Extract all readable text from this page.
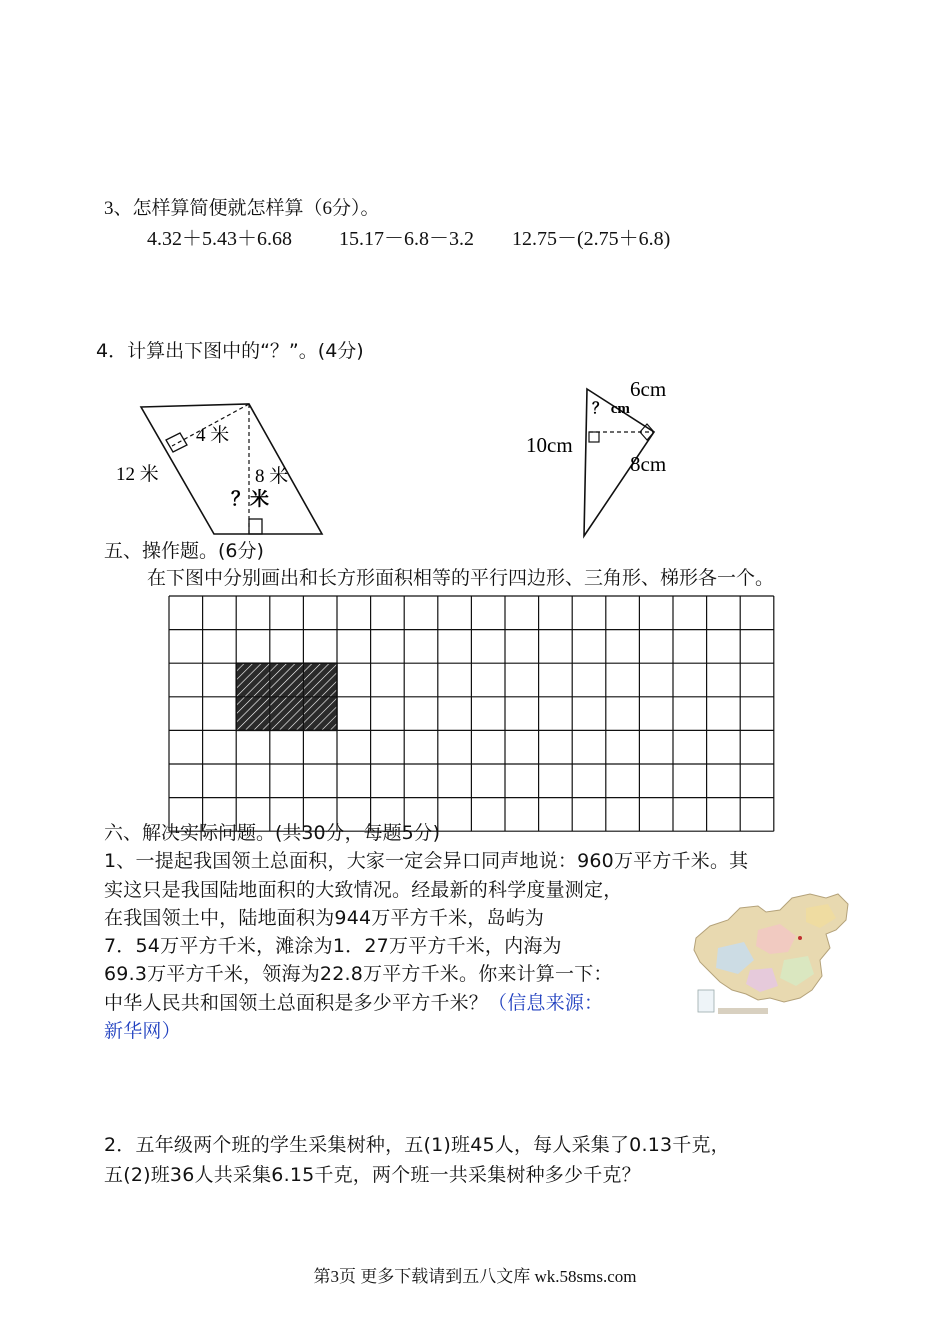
3、怎样算简便就怎样算（6分）。
4.32＋5.43＋6.68 15.17－6.8－3.2 12.75－(2.75＋6.8)
4．计算出下图中的“？”。(4分)
12 米
4 米
8 米
？米
6cm
？ cm
10cm
8cm
五、操作题。(6分)
在下图中分别画出和长方形面积相等的平行四边形、三角形、梯形各一个。
六、解决实际问题。(共30分，每题5分)
1、一提起我国领土总面积，大家一定会异口同声地说：960万平方千米。其
实这只是我国陆地面积的大致情况。经最新的科学度量测定，
在我国领土中，陆地面积为944万平方千米，岛屿为
7．54万平方千米，滩涂为1．27万平方千米，内海为
69.3万平方千米，领海为22.8万平方千米。你来计算一下：
中华人民共和国领土总面积是多少平方千米？（信息来源：
新华网）
2．五年级两个班的学生采集树种，五(1)班45人，每人采集了0.13千克，
五(2)班36人共采集6.15千克，两个班一共采集树种多少千克？
第3页 更多下载请到五八文库 wk.58sms.com
